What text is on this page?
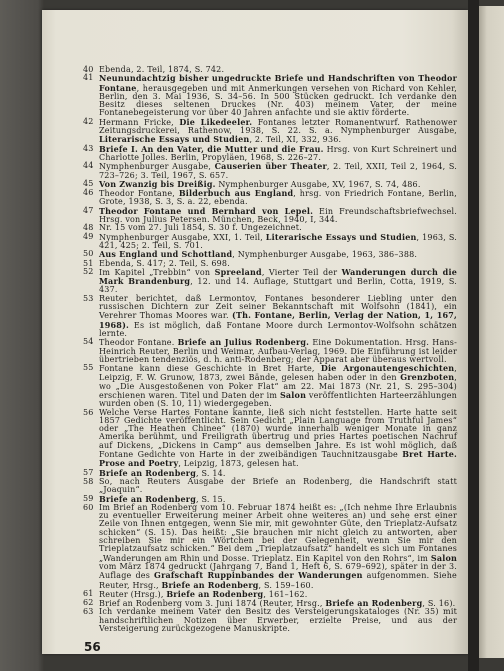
40 Ebenda, 2. Teil, 1874, S. 742.
41 Neunundachtzig bisher ungedruckte Briefe und Handschriften von Theodor Fontane, herausgegeben und mit Anmerkungen versehen von Richard von Kehler, Berlin, den 3. Mai 1936, S. 34–56. In 500 Stücken gedruckt. Ich verdanke den Besitz dieses seltenen Druckes (Nr. 403) meinem Vater, der meine Fontanebegeisterung vor über 40 Jahren anfachte und sie aktiv förderte.
42 Hermann Fricke, Die Likedeeler. Fontanes letzter Romanentwurf. Rathenower Zeitungsdruckerei, Rathenow, 1938, S. 22. S. a. Nymphenburger Ausgabe, Literarische Essays und Studien, 2. Teil, XI, 332, 936.
43 Briefe I. An den Vater, die Mutter und die Frau. Hrsg. von Kurt Schreinert und Charlotte Jolles. Berlin, Propyläen, 1968, S. 226–27.
44 Nymphenburger Ausgabe, Causerien über Theater, 2. Teil, XXII, Teil 2, 1964, S. 723–726; 3. Teil, 1967, S. 657.
45 Von Zwanzig bis Dreißig. Nymphenburger Ausgabe, XV, 1967, S. 74, 486.
46 Theodor Fontane, Bilderbuch aus England, hrsg. von Friedrich Fontane, Berlin, Grote, 1938, S. 3, S. a. 22, ebenda.
47 Theodor Fontane und Bernhard von Lepel. Ein Freundschaftsbriefwechsel. Hrsg. von Julius Petersen. München, Beck, 1940, I, 344.
48 Nr. 15 vom 27. Juli 1854, S. 30 f. Ungezeichnet.
49 Nymphenburger Ausgabe, XXI, 1. Teil, Literarische Essays und Studien, 1963, S. 421, 425; 2. Teil, S. 701.
50 Aus England und Schottland, Nymphenburger Ausgabe, 1963, 386–388.
51 Ebenda, S. 417; 2. Teil, S. 698.
52 Im Kapitel „Trebbin“ von Spreeland, Vierter Teil der Wanderungen durch die Mark Brandenburg, 12. und 14. Auflage, Stuttgart und Berlin, Cotta, 1919, S. 437.
53 Reuter berichtet, daß Lermontov, Fontanes besonderer Liebling unter den russischen Dichtern zur Zeit seiner Bekanntschaft mit Wolfsohn (1841), ein Verehrer Thomas Moores war. (Th. Fontane, Berlin, Verlag der Nation, 1, 167, 1968). Es ist möglich, daß Fontane Moore durch Lermontov-Wolfsohn schätzen lernte.
54 Theodor Fontane. Briefe an Julius Rodenberg. Eine Dokumentation. Hrsg. Hans-Heinrich Reuter, Berlin und Weimar, Aufbau-Verlag, 1969. Die Einführung ist leider übertrieben tendenziös, d. h. anti-Rodenberg; der Apparat aber überaus wertvoll.
55 Fontane kann diese Geschichte in Bret Harte, Die Argonautengeschichten, Leipzig, F. W. Grunow, 1873, zwei Bände, gelesen haben oder in den Grenzboten, wo „Die Ausgestoßenen von Poker Flat“ am 22. Mai 1873 (Nr. 21, S. 295–304) erschienen waren. Titel und Daten der im Salon veröffentlichten Harteerzählungen wurden oben (S. 10, 11) wiedergegeben.
56 Welche Verse Hartes Fontane kannte, ließ sich nicht feststellen. Harte hatte seit 1857 Gedichte veröffentlicht. Sein Gedicht „Plain Language from Truthful James“ oder „The Heathen Chinee“ (1870) wurde innerhalb weniger Monate in ganz Amerika berühmt, und Freiligrath übertrug und pries Hartes poetischen Nachruf auf Dickens, „Dickens in Camp“ aus demselben Jahre. Es ist wohl möglich, daß Fontane Gedichte von Harte in der zweibändigen Tauchnitzausgabe Bret Harte. Prose and Poetry, Leipzig, 1873, gelesen hat.
57 Briefe an Rodenberg, S. 14.
58 So, nach Reuters Ausgabe der Briefe an Rodenberg, die Handschrift statt „Joaquin“.
59 Briefe an Rodenberg, S. 15.
60 Im Brief an Rodenberg vom 10. Februar 1874 heißt es: „(Ich nehme Ihre Erlaubnis zu eventueller Erweiterung meiner Arbeit ohne weiteres an) und sehe erst einer Zeile von Ihnen entgegen, wenn Sie mir, mit gewohnter Güte, den Trieplatz-Aufsatz schicken“ (S. 15). Das heißt: „Sie brauchen mir nicht gleich zu antworten, aber schreiben Sie mir ein Wörtchen bei der Gelegenheit, wenn Sie mir den Trieplatzaufsatz schicken.“ Bei dem „Trieplatzaufsatz“ handelt es sich um Fontanes „Wanderungen am Rhin und Dosse. Trieplatz. Ein Kapitel von den Rohrs“, im Salon vom März 1874 gedruckt (Jahrgang 7, Band 1, Heft 6, S. 679–692), später in der 3. Auflage des Grafschaft Ruppinbandes der Wanderungen aufgenommen. Siehe Reuter, Hrsg., Briefe an Rodenberg, S. 159–160.
61 Reuter (Hrsg.), Briefe an Rodenberg, 161–162.
62 Brief an Rodenberg vom 3. Juni 1874 (Reuter, Hrsg., Briefe an Rodenberg, S. 16).
63 Ich verdanke meinem Vater den Besitz des Versteigerungskataloges (Nr. 35) mit handschriftlichen Notizen über Erwerber, erzielte Preise, und aus der Versteigerung zurückgezogene Manuskripte.
56
